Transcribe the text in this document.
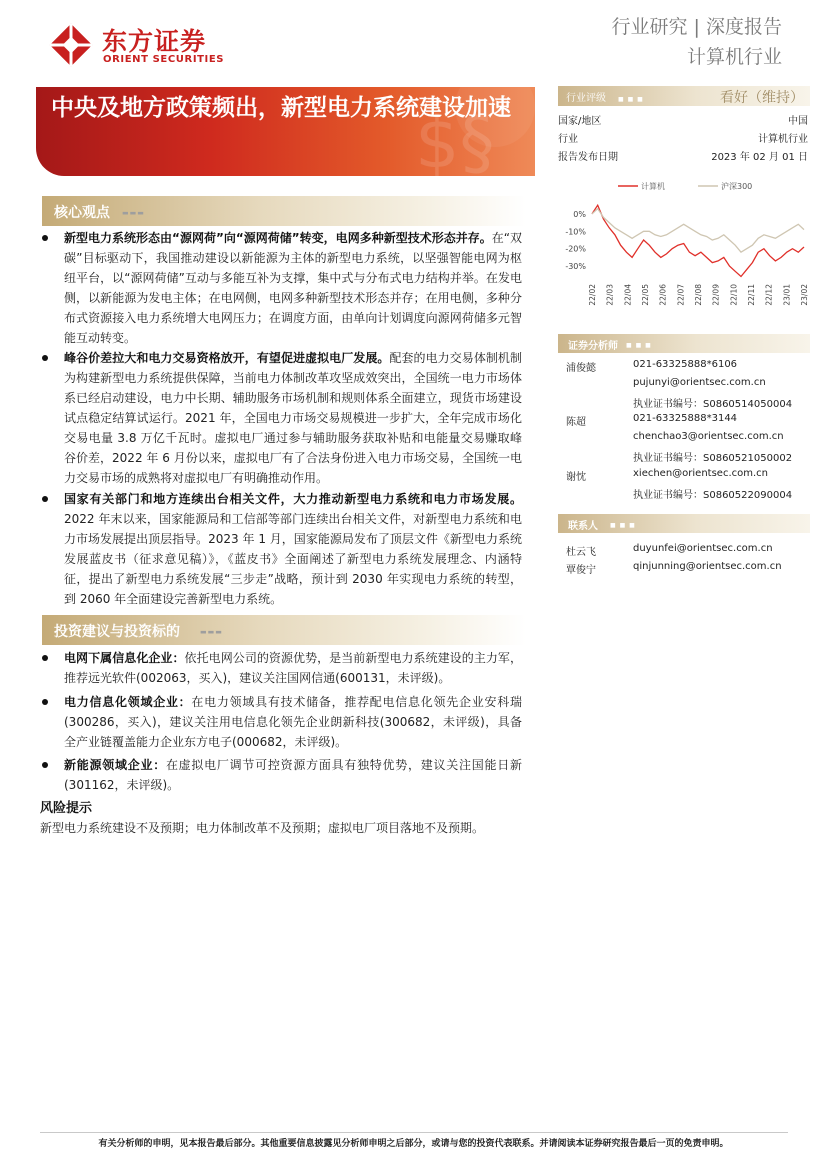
东方证券
ORIENT SECURITIES
行业研究 | 深度报告
计算机行业
$§
中央及地方政策频出，新型电力系统建设加速	行业评级 ■ ■ ■	看好（维持）
国家/地区	中国
行业	计算机行业
报告发布日期	2023 年 02 月 01 日
计算机	沪深300
0%
-10%
-20%
-30%
22/02 22/03 22/04 22/05 22/06 22/07 22/08 22/09 22/10 22/11 22/12 23/01 23/02
证券分析师 ■ ■ ■
浦俊懿	021-63325888*6106
pujunyi@orientsec.com.cn
执业证书编号：S0860514050004
陈超	021-63325888*3144
chenchao3@orientsec.com.cn
执业证书编号：S0860521050002
谢忱	xiechen@orientsec.com.cn
执业证书编号：S0860522090004
联系人 ■ ■ ■
杜云飞	duyunfei@orientsec.com.cn
覃俊宁	qinjunning@orientsec.com.cn
核心观点 ▬▬▬
新型电力系统形态由“源网荷”向“源网荷储”转变，电网多种新型技术形态并存。在“双碳”目标驱动下，我国推动建设以新能源为主体的新型电力系统，以坚强智能电网为枢纽平台，以“源网荷储”互动与多能互补为支撑，集中式与分布式电力结构并举。在发电侧，以新能源为发电主体；在电网侧，电网多种新型技术形态并存；在用电侧，多种分布式资源接入电力系统增大电网压力；在调度方面，由单向计划调度向源网荷储多元智能互动转变。
峰谷价差拉大和电力交易资格放开，有望促进虚拟电厂发展。配套的电力交易体制机制为构建新型电力系统提供保障，当前电力体制改革攻坚成效突出，全国统一电力市场体系已经启动建设，电力中长期、辅助服务市场机制和规则体系全面建立，现货市场建设试点稳定结算试运行。2021 年，全国电力市场交易规模进一步扩大，全年完成市场化交易电量 3.8 万亿千瓦时。虚拟电厂通过参与辅助服务获取补贴和电能量交易赚取峰谷价差，2022 年 6 月份以来，虚拟电厂有了合法身份进入电力市场交易，全国统一电力交易市场的成熟将对虚拟电厂有明确推动作用。
国家有关部门和地方连续出台相关文件，大力推动新型电力系统和电力市场发展。2022 年末以来，国家能源局和工信部等部门连续出台相关文件，对新型电力系统和电力市场发展提出顶层指导。2023 年 1 月，国家能源局发布了顶层文件《新型电力系统发展蓝皮书（征求意见稿）》，《蓝皮书》全面阐述了新型电力系统发展理念、内涵特征，提出了新型电力系统发展“三步走”战略，预计到 2030 年实现电力系统的转型，到 2060 年全面建设完善新型电力系统。
投资建议与投资标的	▬▬▬
电网下属信息化企业：依托电网公司的资源优势，是当前新型电力系统建设的主力军，推荐远光软件(002063，买入)，建议关注国网信通(600131，未评级)。
电力信息化领域企业：在电力领域具有技术储备，推荐配电信息化领先企业安科瑞(300286，买入)，建议关注用电信息化领先企业朗新科技(300682，未评级)，具备全产业链覆盖能力企业东方电子(000682，未评级)。
新能源领域企业：在虚拟电厂调节可控资源方面具有独特优势，建议关注国能日新(301162，未评级)。
风险提示
新型电力系统建设不及预期；电力体制改革不及预期；虚拟电厂项目落地不及预期。
有关分析师的申明，见本报告最后部分。其他重要信息披露见分析师申明之后部分，或请与您的投资代表联系。并请阅读本证券研究报告最后一页的免责申明。
